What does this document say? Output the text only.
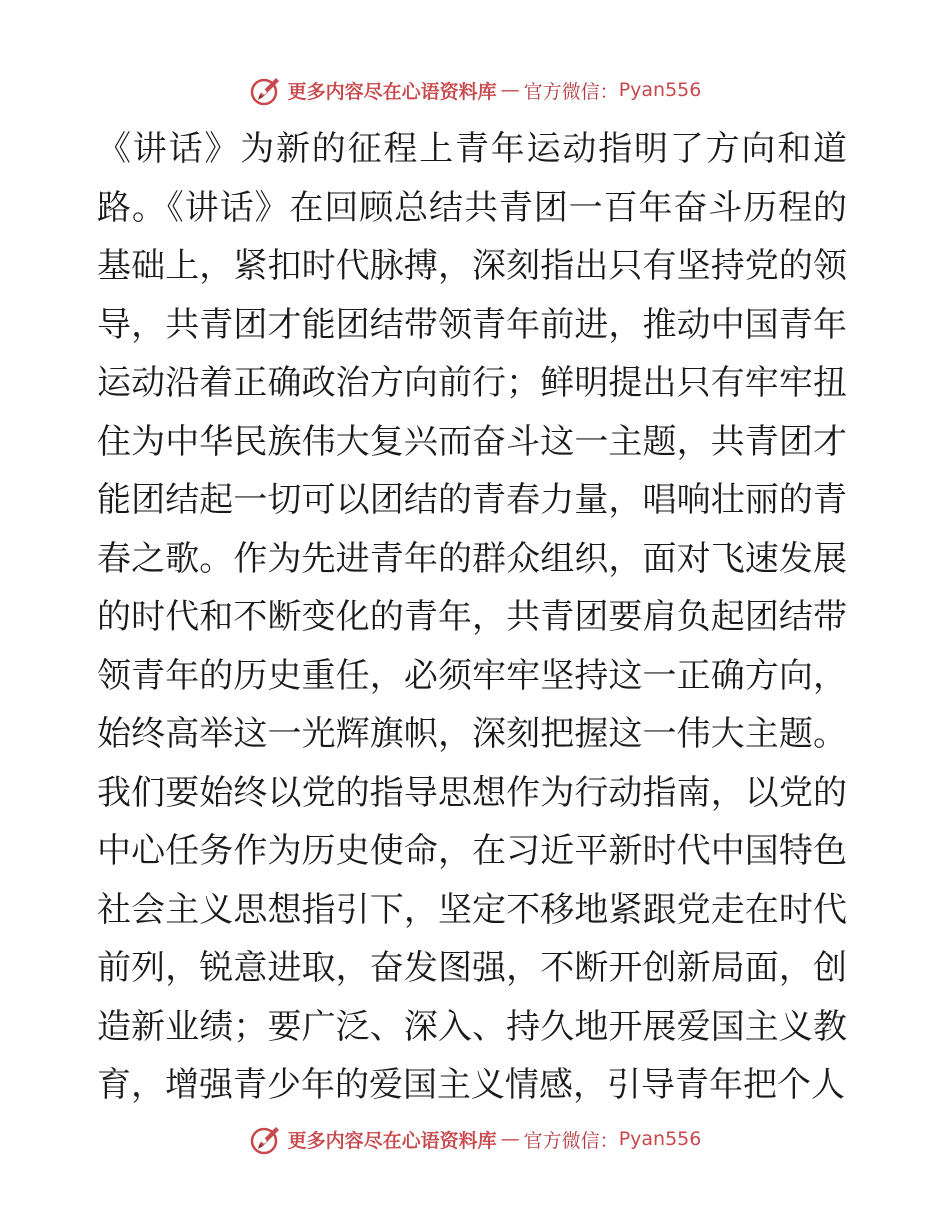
更多内容尽在心语资料库 — 官方微信 ： Pyan556
《讲话》为新的征程上青年运动指明了方向和道
路。《讲话》在回顾总结共青团一百年奋斗历程的
基础上，紧扣时代脉搏，深刻指出只有坚持党的领
导，共青团才能团结带领青年前进，推动中国青年
运动沿着正确政治方向前行；鲜明提出只有牢牢扭
住为中华民族伟大复兴而奋斗这一主题，共青团才
能团结起一切可以团结的青春力量，唱响壮丽的青
春之歌。作为先进青年的群众组织，面对飞速发展
的时代和不断变化的青年，共青团要肩负起团结带
领青年的历史重任，必须牢牢坚持这一正确方向，
始终高举这一光辉旗帜，深刻把握这一伟大主题。
我们要始终以党的指导思想作为行动指南，以党的
中心任务作为历史使命，在习近平新时代中国特色
社会主义思想指引下，坚定不移地紧跟党走在时代
前列，锐意进取，奋发图强，不断开创新局面，创
造新业绩；要广泛、深入、持久地开展爱国主义教
育，增强青少年的爱国主义情感，引导青年把个人
更多内容尽在心语资料库 — 官方微信 ： Pyan556
